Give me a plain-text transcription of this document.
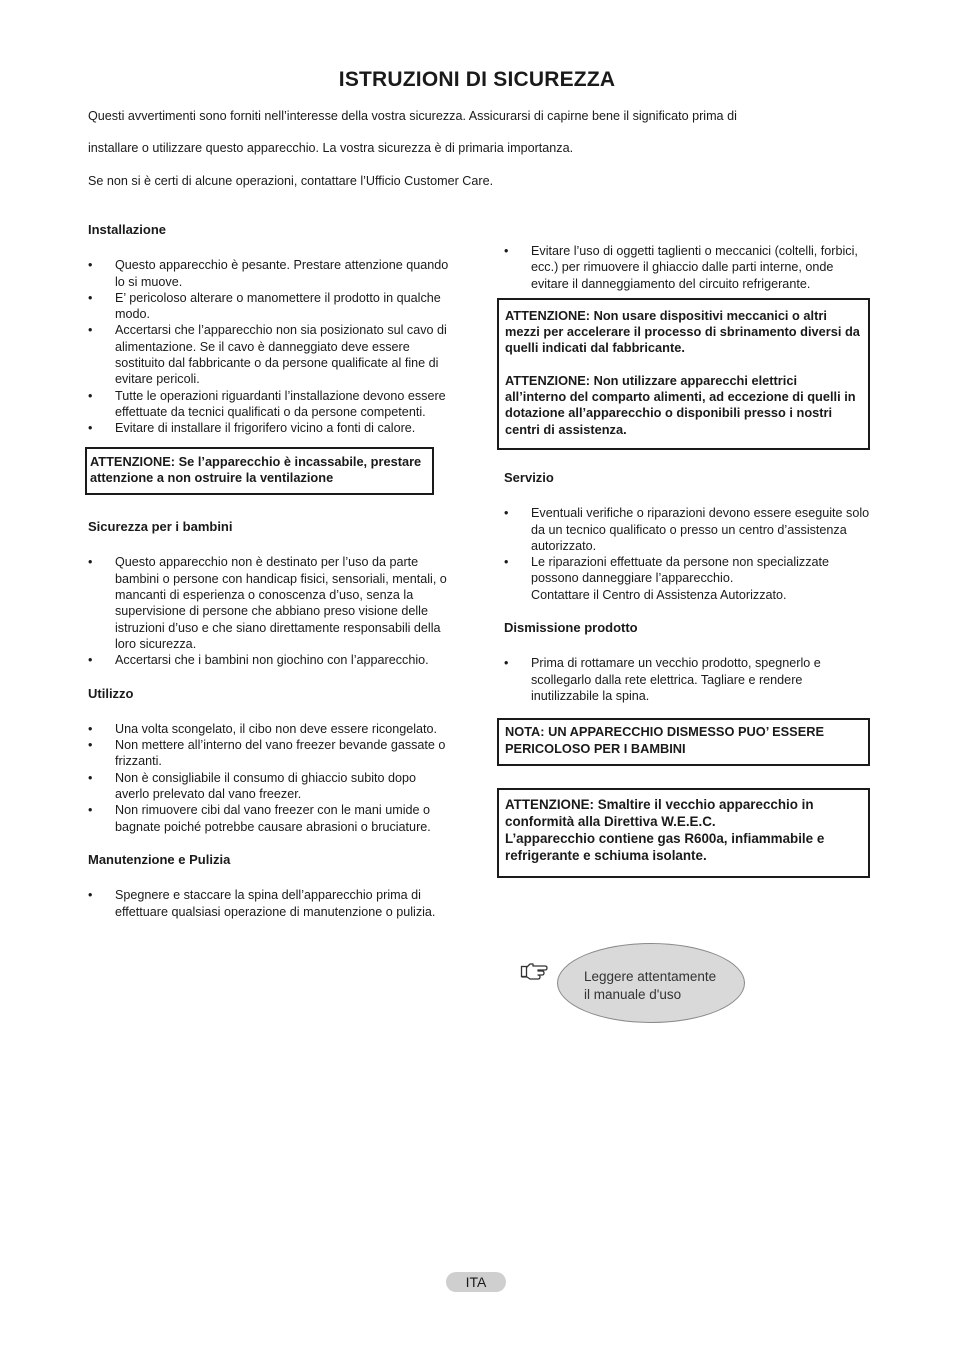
ISTRUZIONI DI SICUREZZA
Questi avvertimenti sono forniti nell’interesse della vostra sicurezza. Assicurarsi di capirne bene il significato prima di
installare o utilizzare questo apparecchio. La vostra sicurezza è di primaria importanza.
Se non si è certi di alcune operazioni, contattare l’Ufficio Customer Care.

Installazione

• Questo apparecchio è pesante. Prestare attenzione quando lo si muove.
• E’ pericoloso alterare o manomettere il prodotto in qualche modo.
• Accertarsi che l’apparecchio non sia posizionato sul cavo di alimentazione. Se il cavo è danneggiato deve essere sostituito dal fabbricante o da persone qualificate al fine di evitare pericoli.
• Tutte le operazioni riguardanti l’installazione devono essere effettuate da tecnici qualificati o da persone competenti.
• Evitare di installare il frigorifero vicino a fonti di calore.
ATTENZIONE: Se l’apparecchio è incassabile, prestare attenzione a non ostruire la ventilazione

Sicurezza per i bambini

• Questo apparecchio non è destinato per l’uso da parte bambini o persone con handicap fisici, sensoriali, mentali, o mancanti di esperienza o conoscenza d’uso, senza la supervisione di persone che abbiano preso visione delle istruzioni d’uso e che siano direttamente responsabili della loro sicurezza.
• Accertarsi che i bambini non giochino con l’apparecchio.

Utilizzo

• Una volta scongelato, il cibo non deve essere ricongelato.
• Non mettere all’interno del vano freezer bevande gassate o frizzanti.
• Non è consigliabile il consumo di ghiaccio subito dopo averlo prelevato dal vano freezer.
• Non rimuovere cibi dal vano freezer con le mani umide o bagnate poiché potrebbe causare abrasioni o bruciature.

Manutenzione e Pulizia

• Spegnere e staccare la spina dell’apparecchio prima di effettuare qualsiasi operazione di manutenzione o pulizia.
• Evitare l’uso di oggetti taglienti o meccanici (coltelli, forbici, ecc.) per rimuovere il ghiaccio dalle parti interne, onde evitare il danneggiamento del circuito refrigerante.
ATTENZIONE: Non usare dispositivi meccanici o altri mezzi per accelerare il processo di sbrinamento diversi da quelli indicati dal fabbricante.
ATTENZIONE: Non utilizzare apparecchi elettrici all’interno del comparto alimenti, ad eccezione di quelli in dotazione all’apparecchio o disponibili presso i nostri centri di assistenza.

Servizio

• Eventuali verifiche o riparazioni devono essere eseguite solo da un tecnico qualificato o presso un centro d’assistenza autorizzato.
• Le riparazioni effettuate da persone non specializzate possono danneggiare l’apparecchio.
Contattare il Centro di Assistenza Autorizzato.

Dismissione prodotto

• Prima di rottamare un vecchio prodotto, spegnerlo e scollegarlo dalla rete elettrica. Tagliare e rendere inutilizzabile la spina.
NOTA: UN APPARECCHIO DISMESSO PUO’ ESSERE PERICOLOSO PER I BAMBINI
ATTENZIONE: Smaltire il vecchio apparecchio in conformità alla Direttiva W.E.E.C.
L’apparecchio contiene gas R600a, infiammabile e refrigerante e schiuma isolante.
Leggere attentamente
il manuale d'uso
ITA
